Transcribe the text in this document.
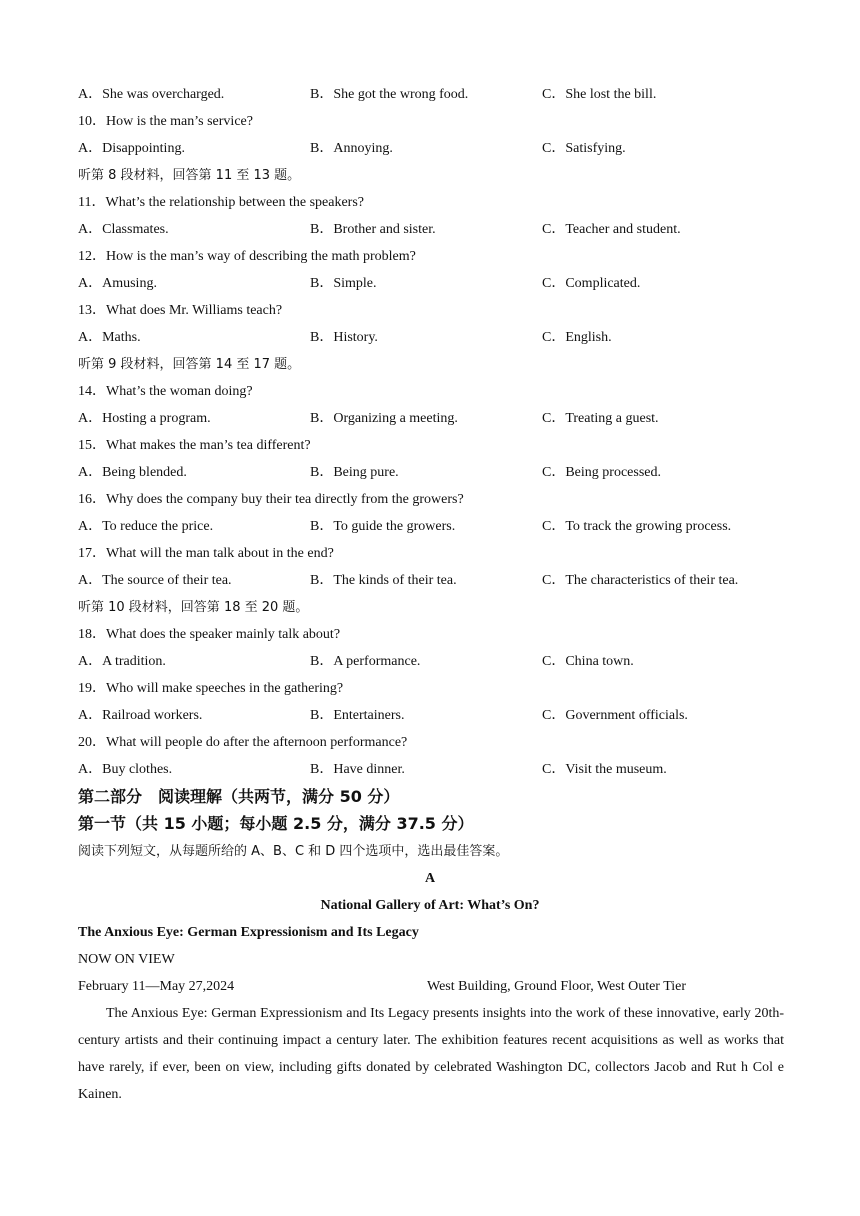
A．She was overcharged.	B．She got the wrong food.	C．She lost the bill.
10．How is the man’s service?
A．Disappointing.	B．Annoying.	C．Satisfying.
听第 8 段材料，回答第 11 至 13 题。
11．What’s the relationship between the speakers?
A．Classmates.	B．Brother and sister.	C．Teacher and student.
12．How is the man’s way of describing the math problem?
A．Amusing.	B．Simple.	C．Complicated.
13．What does Mr. Williams teach?
A．Maths.	B．History.	C．English.
听第 9 段材料，回答第 14 至 17 题。
14．What’s the woman doing?
A．Hosting a program.	B．Organizing a meeting.	C．Treating a guest.
15．What makes the man’s tea different?
A．Being blended.	B．Being pure.	C．Being processed.
16．Why does the company buy their tea directly from the growers?
A．To reduce the price.	B．To guide the growers.	C．To track the growing process.
17．What will the man talk about in the end?
A．The source of their tea.	B．The kinds of their tea.	C．The characteristics of their tea.
听第 10 段材料，回答第 18 至 20 题。
18．What does the speaker mainly talk about?
A．A tradition.	B．A performance.	C．China town.
19．Who will make speeches in the gathering?
A．Railroad workers.	B．Entertainers.	C．Government officials.
20．What will people do after the afternoon performance?
A．Buy clothes.	B．Have dinner.	C．Visit the museum.
第二部分　阅读理解（共两节，满分 50 分）
第一节（共 15 小题；每小题 2.5 分，满分 37.5 分）
阅读下列短文，从每题所给的 A、B、C 和 D 四个选项中，选出最佳答案。
A
National Gallery of Art: What’s On?
The Anxious Eye: German Expressionism and Its Legacy
NOW ON VIEW
February 11—May 27,2024	West Building, Ground Floor, West Outer Tier
The Anxious Eye: German Expressionism and Its Legacy presents insights into the work of these innovative, early 20th-century artists and their continuing impact a century later. The exhibition features recent acquisitions as well as works that have rarely, if ever, been on view, including gifts donated by celebrated Washington DC, collectors Jacob and Rut h Col e Kainen.
